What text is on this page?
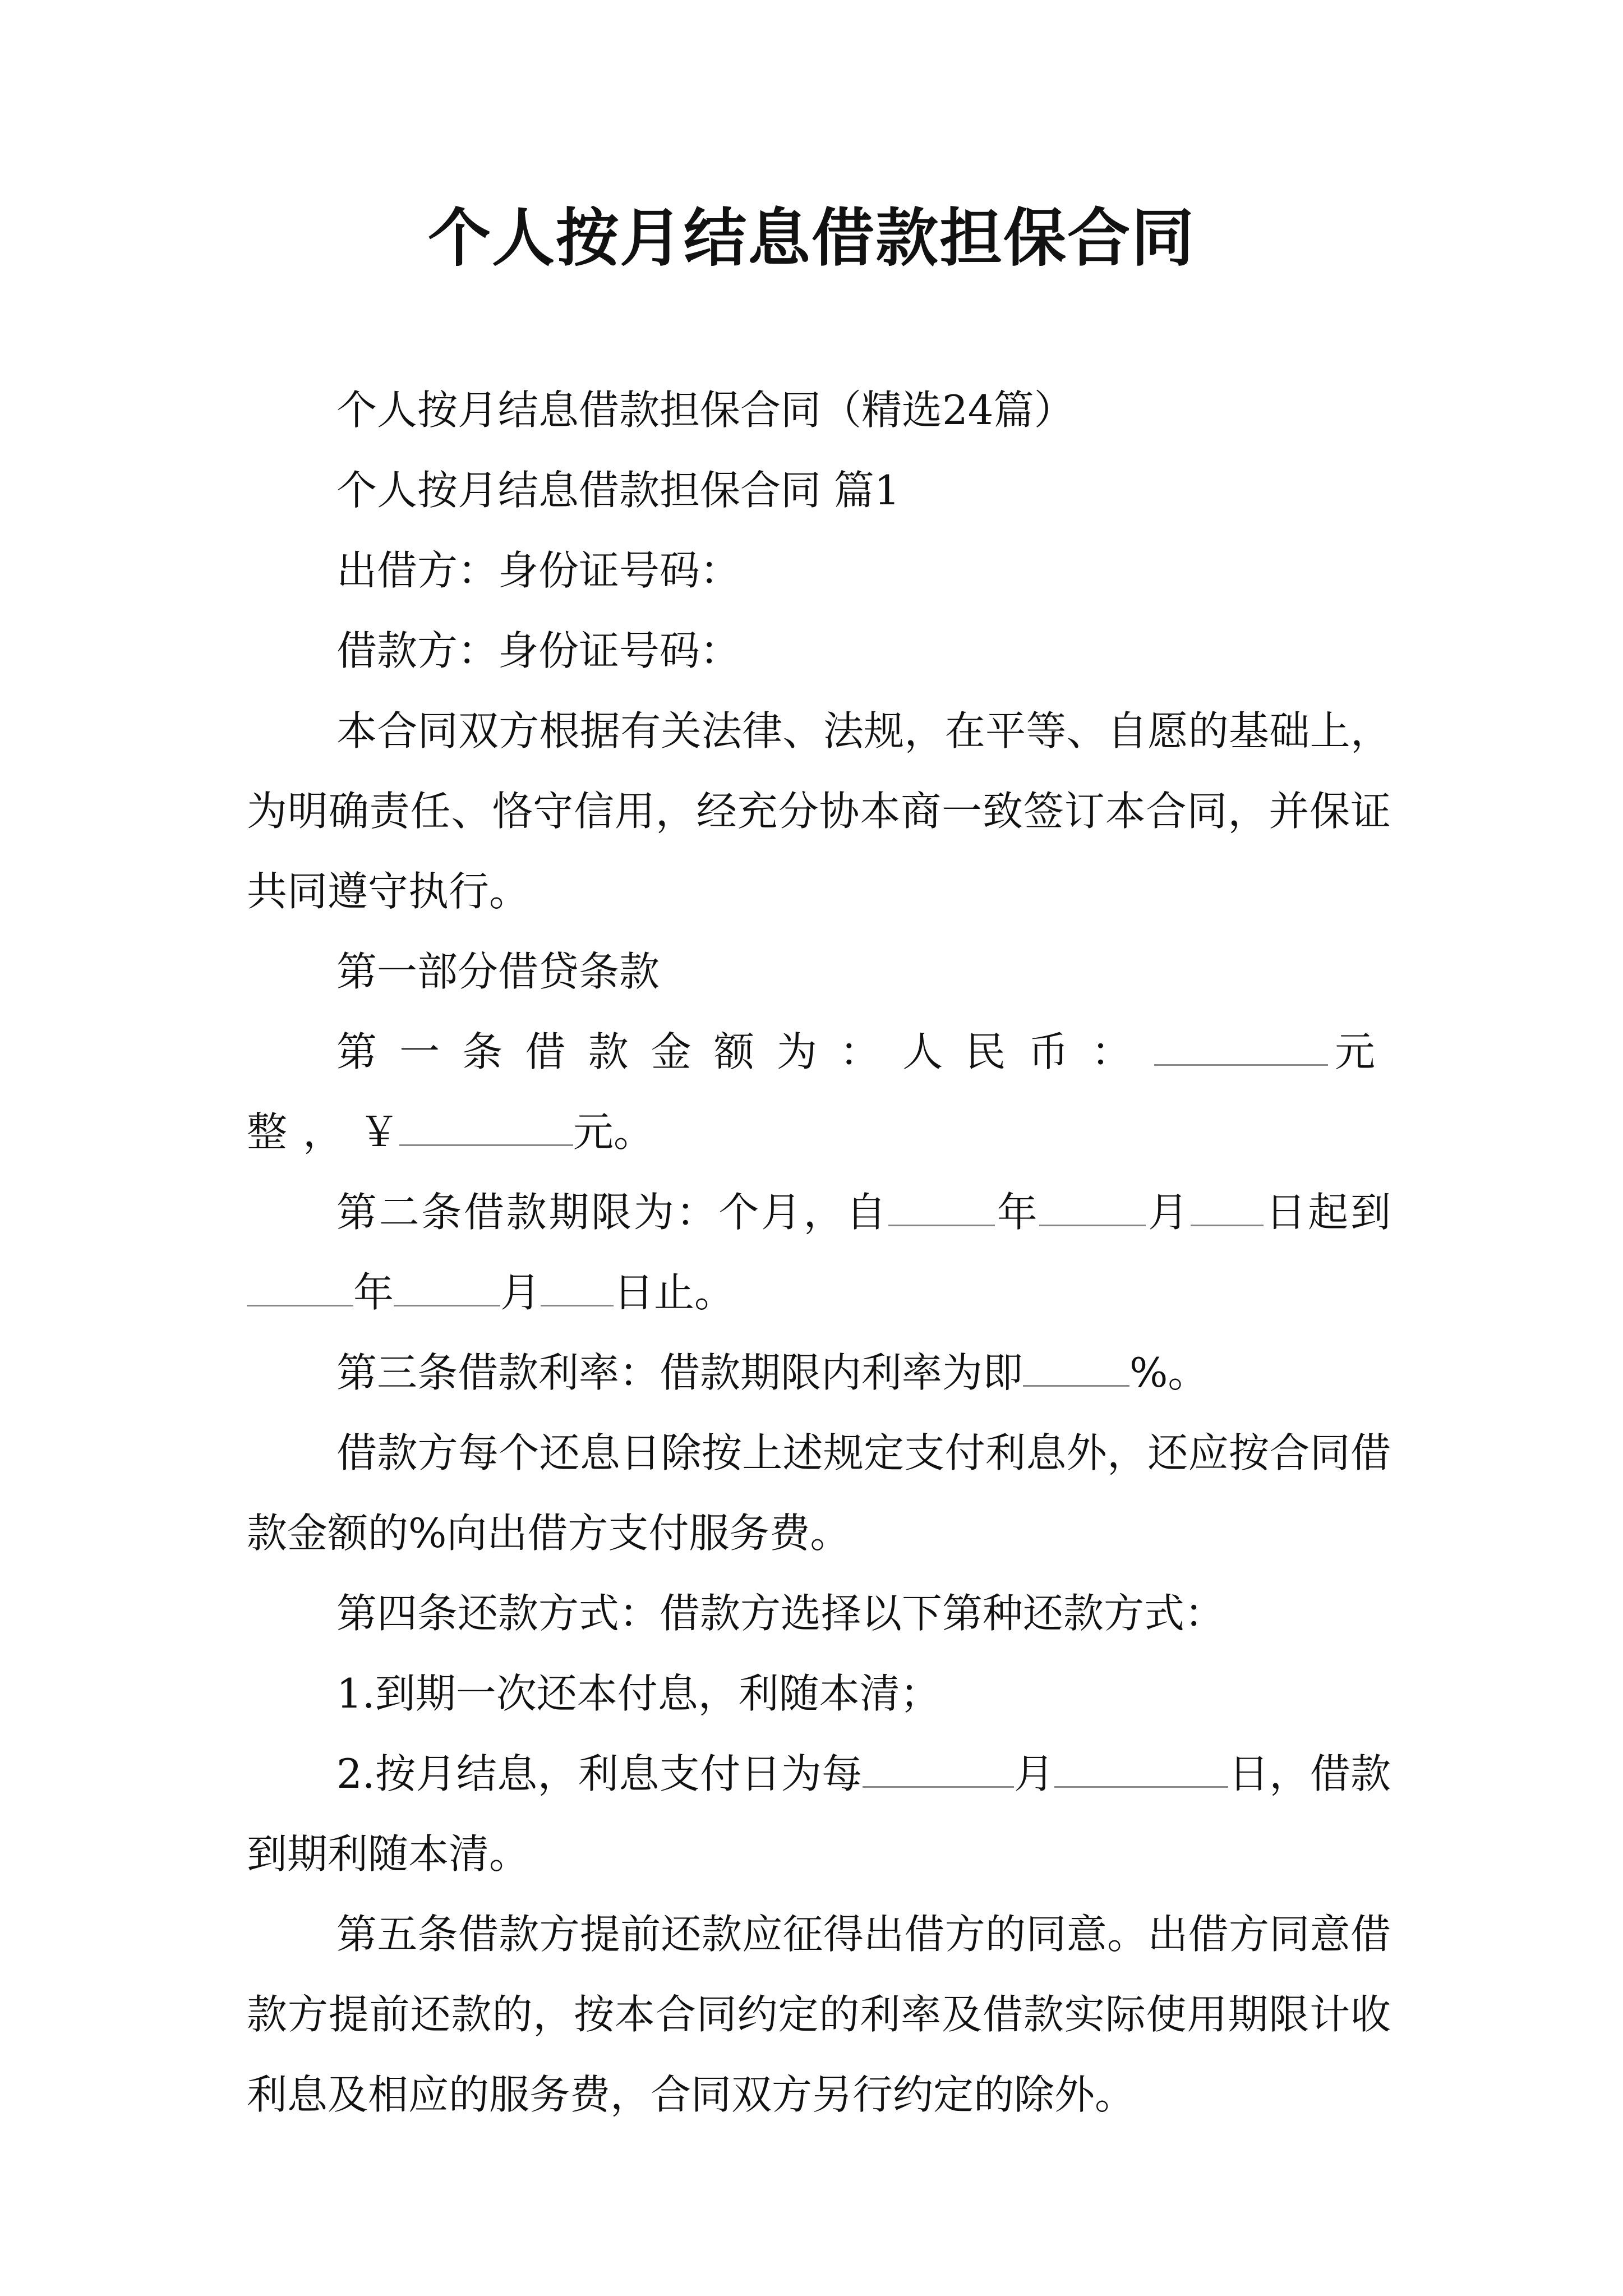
个人按月结息借款担保合同

个人按月结息借款担保合同（精选24篇）

个人按月结息借款担保合同 篇1

出借方：身份证号码：

借款方：身份证号码：

本合同双方根据有关法律、法规，在平等、自愿的基础上，为明确责任、恪守信用，经充分协本商一致签订本合同，并保证共同遵守执行。

第一部分借贷条款

第一条借款金额为：人民币：	元整，￥	元。

第二条借款期限为：个月，自	年	月 日起到年	月 日止。

第三条借款利率：借款期限内利率为即	%。

借款方每个还息日除按上述规定支付利息外，还应按合同借款金额的%向出借方支付服务费。

第四条还款方式：借款方选择以下第种还款方式：

1.到期一次还本付息，利随本清；

2.按月结息，利息支付日为每	月	日，借款到期利随本清。

第五条借款方提前还款应征得出借方的同意。出借方同意借款方提前还款的，按本合同约定的利率及借款实际使用期限计收利息及相应的服务费，合同双方另行约定的除外。
